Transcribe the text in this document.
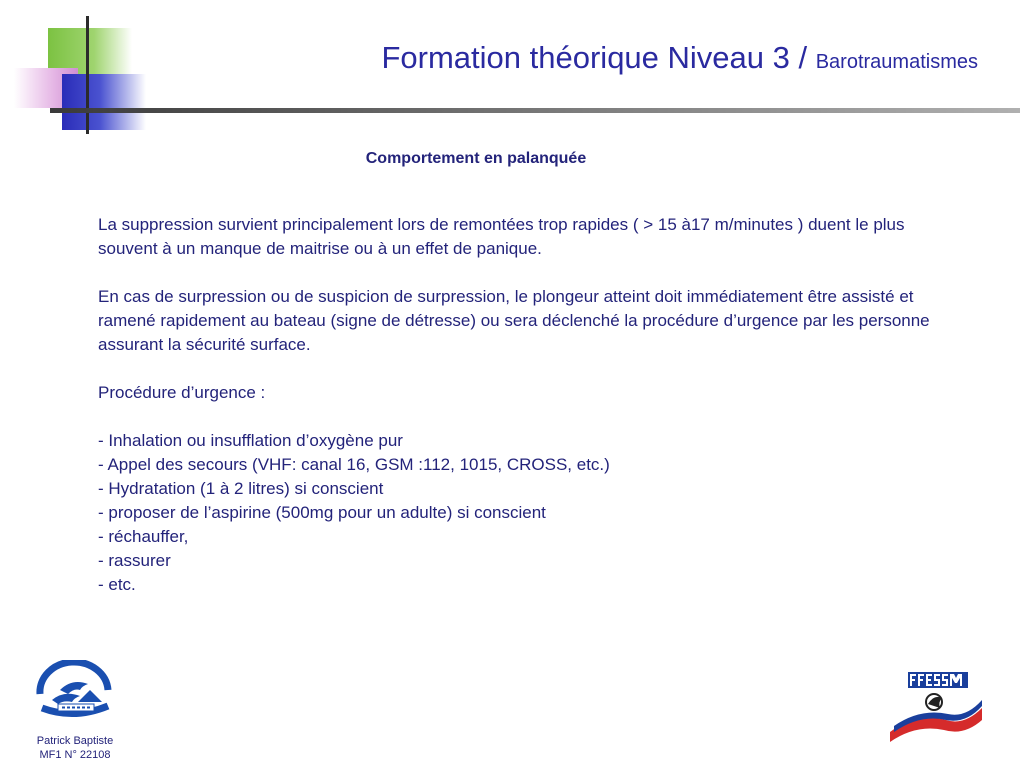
Formation théorique Niveau 3 / Barotraumatismes
Comportement en palanquée

La suppression survient principalement lors de remontées trop rapides ( > 15 à17 m/minutes ) duent le plus souvent à un manque de maitrise ou à un effet de panique.

En cas de surpression ou de suspicion de surpression, le plongeur atteint doit immédiatement être assisté et ramené rapidement au bateau (signe de détresse) ou sera déclenché la procédure d’urgence par les personne assurant la sécurité surface.

Procédure d’urgence :

- Inhalation ou insufflation d’oxygène pur
- Appel des secours (VHF: canal 16, GSM :112, 1015, CROSS, etc.)
- Hydratation (1 à 2 litres) si conscient
- proposer de l’aspirine (500mg pour un adulte) si conscient
- réchauffer,
- rassurer
- etc.
Patrick Baptiste
MF1 N° 22108
